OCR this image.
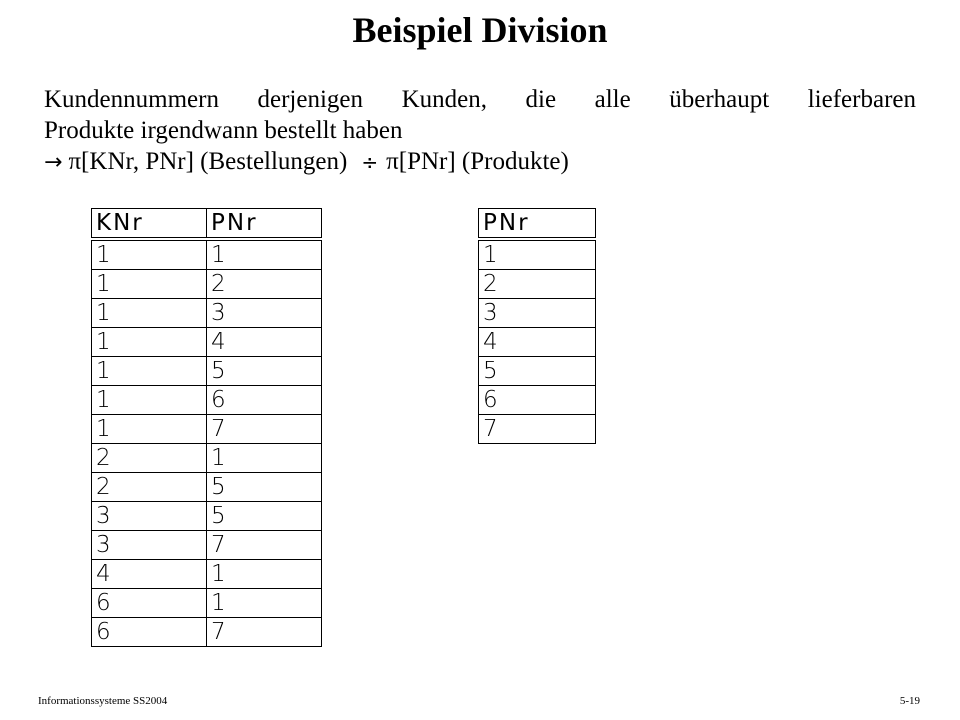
Beispiel Division
Kundennummern derjenigen Kunden, die alle überhaupt lieferbaren
Produkte irgendwann bestellt haben
→ π[KNr, PNr] (Bestellungen) ÷ π[PNr] (Produkte)
KNr	PNr
1	1
1	2
1	3
1	4
1	5
1	6
1	7
2	1
2	5
3	5
3	7
4	1
6	1
6	7
PNr
1
2
3
4
5
6
7
Informationssysteme SS2004	5-19
